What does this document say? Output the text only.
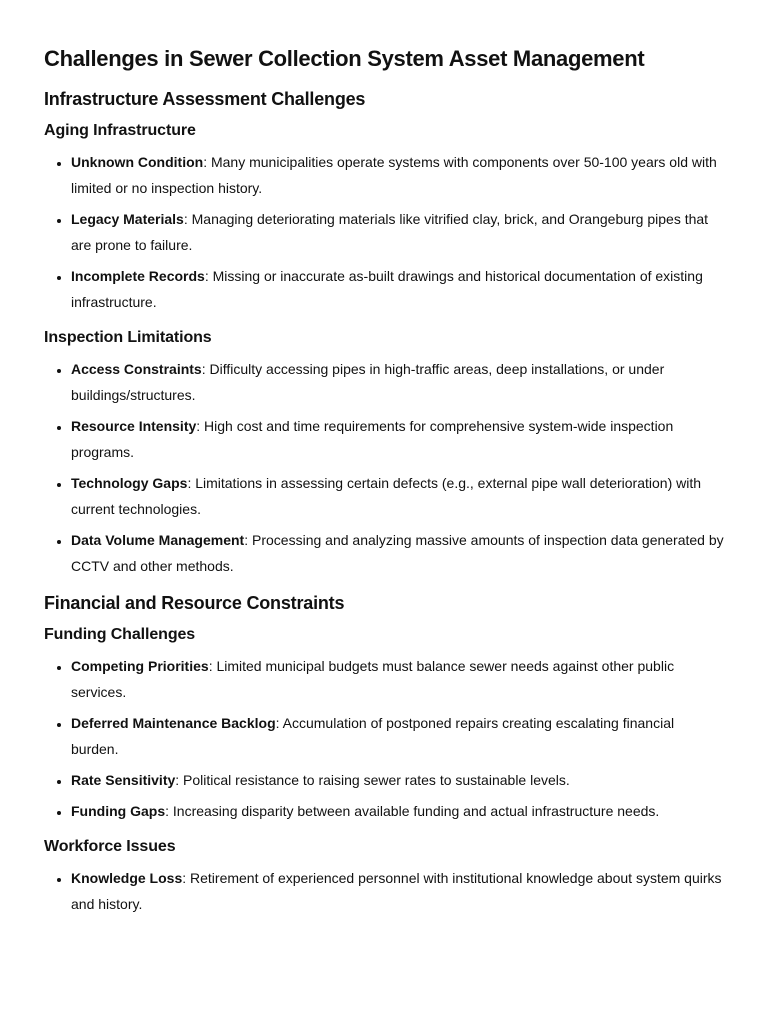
Challenges in Sewer Collection System Asset Management
Infrastructure Assessment Challenges
Aging Infrastructure
• Unknown Condition: Many municipalities operate systems with components over 50-100 years old with limited or no inspection history.
• Legacy Materials: Managing deteriorating materials like vitrified clay, brick, and Orangeburg pipes that are prone to failure.
• Incomplete Records: Missing or inaccurate as-built drawings and historical documentation of existing infrastructure.
Inspection Limitations
• Access Constraints: Difficulty accessing pipes in high-traffic areas, deep installations, or under buildings/structures.
• Resource Intensity: High cost and time requirements for comprehensive system-wide inspection programs.
• Technology Gaps: Limitations in assessing certain defects (e.g., external pipe wall deterioration) with current technologies.
• Data Volume Management: Processing and analyzing massive amounts of inspection data generated by CCTV and other methods.
Financial and Resource Constraints
Funding Challenges
• Competing Priorities: Limited municipal budgets must balance sewer needs against other public services.
• Deferred Maintenance Backlog: Accumulation of postponed repairs creating escalating financial burden.
• Rate Sensitivity: Political resistance to raising sewer rates to sustainable levels.
• Funding Gaps: Increasing disparity between available funding and actual infrastructure needs.
Workforce Issues
• Knowledge Loss: Retirement of experienced personnel with institutional knowledge about system quirks and history.
